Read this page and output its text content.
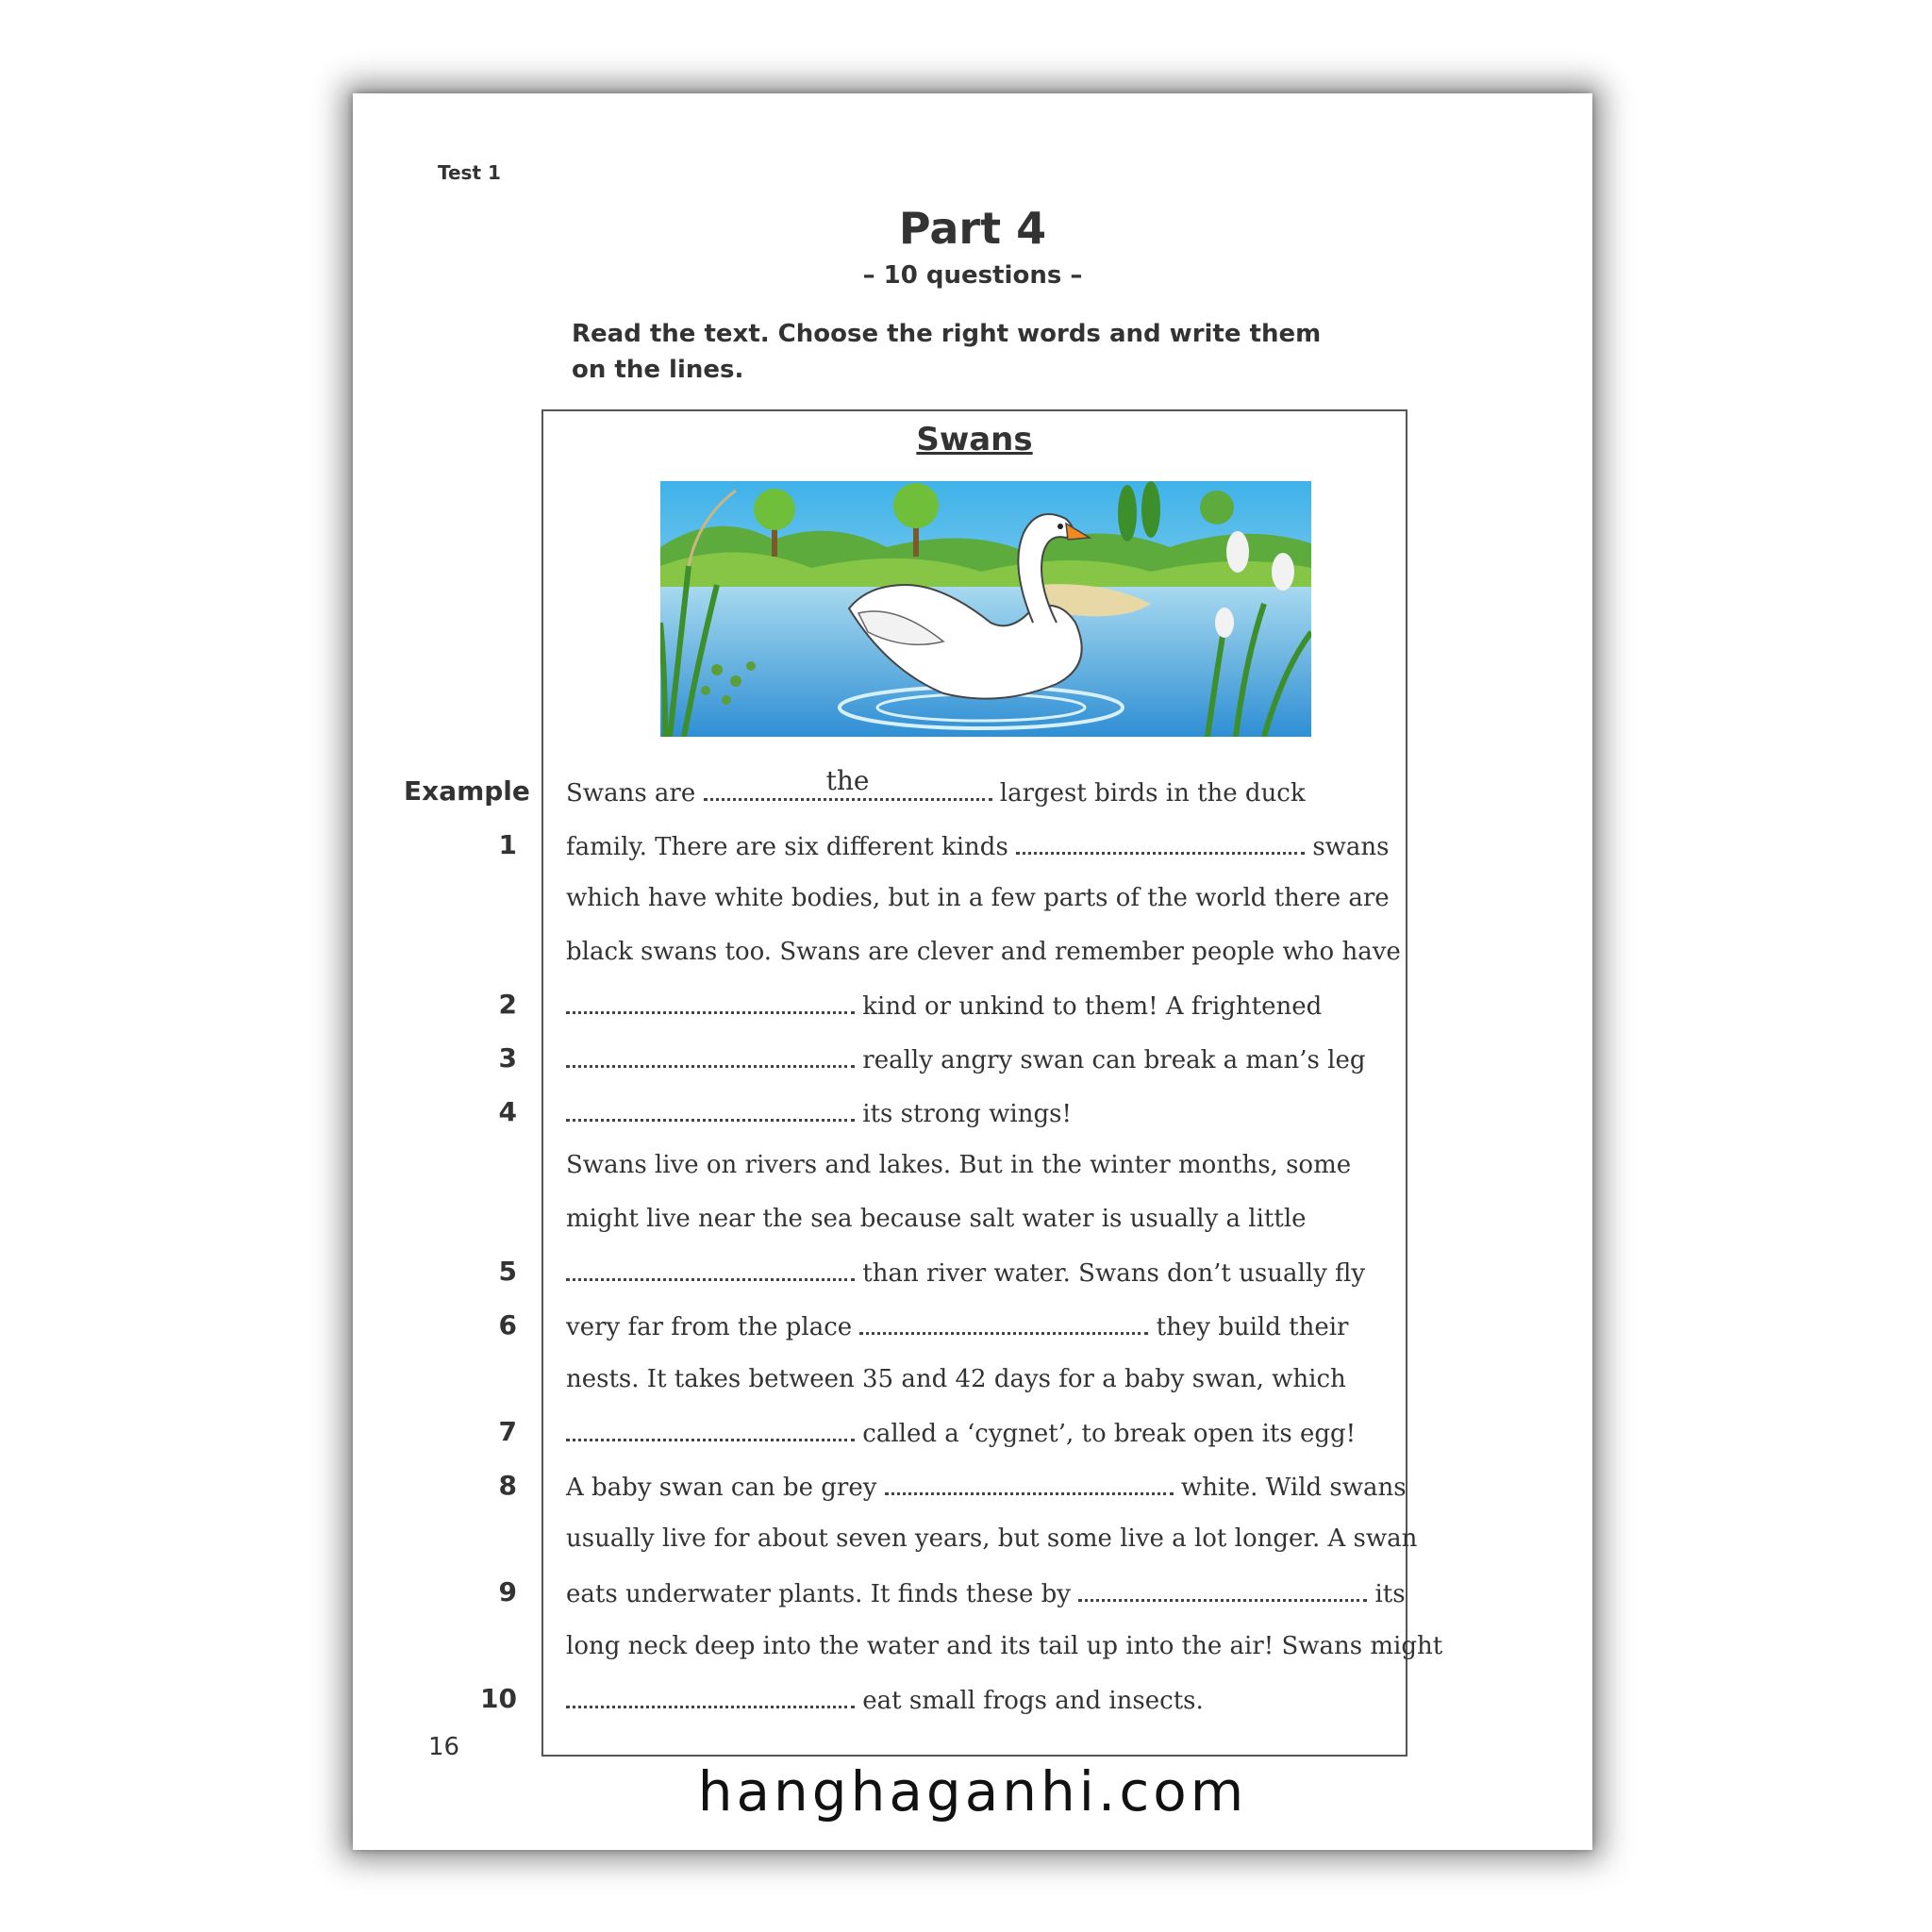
Test 1
Part 4
– 10 questions –
Read the text. Choose the right words and write them on the lines.
Swans
Swans are	the	largest birds in the duck
family. There are six different kinds	swans
which have white bodies, but in a few parts of the world there are
black swans too. Swans are clever and remember people who have
kind or unkind to them! A frightened
really angry swan can break a man’s leg
its strong wings!
Swans live on rivers and lakes. But in the winter months, some
might live near the sea because salt water is usually a little
than river water. Swans don’t usually fly
very far from the place	they build their
nests. It takes between 35 and 42 days for a baby swan, which
called a ‘cygnet’, to break open its egg!
A baby swan can be grey	white. Wild swans
usually live for about seven years, but some live a lot longer. A swan
eats underwater plants. It finds these by	its
long neck deep into the water and its tail up into the air! Swans might
eat small frogs and insects.
Example
1
2
3
4
5
6
7
8
9
10
16
hanghaganhi.com
